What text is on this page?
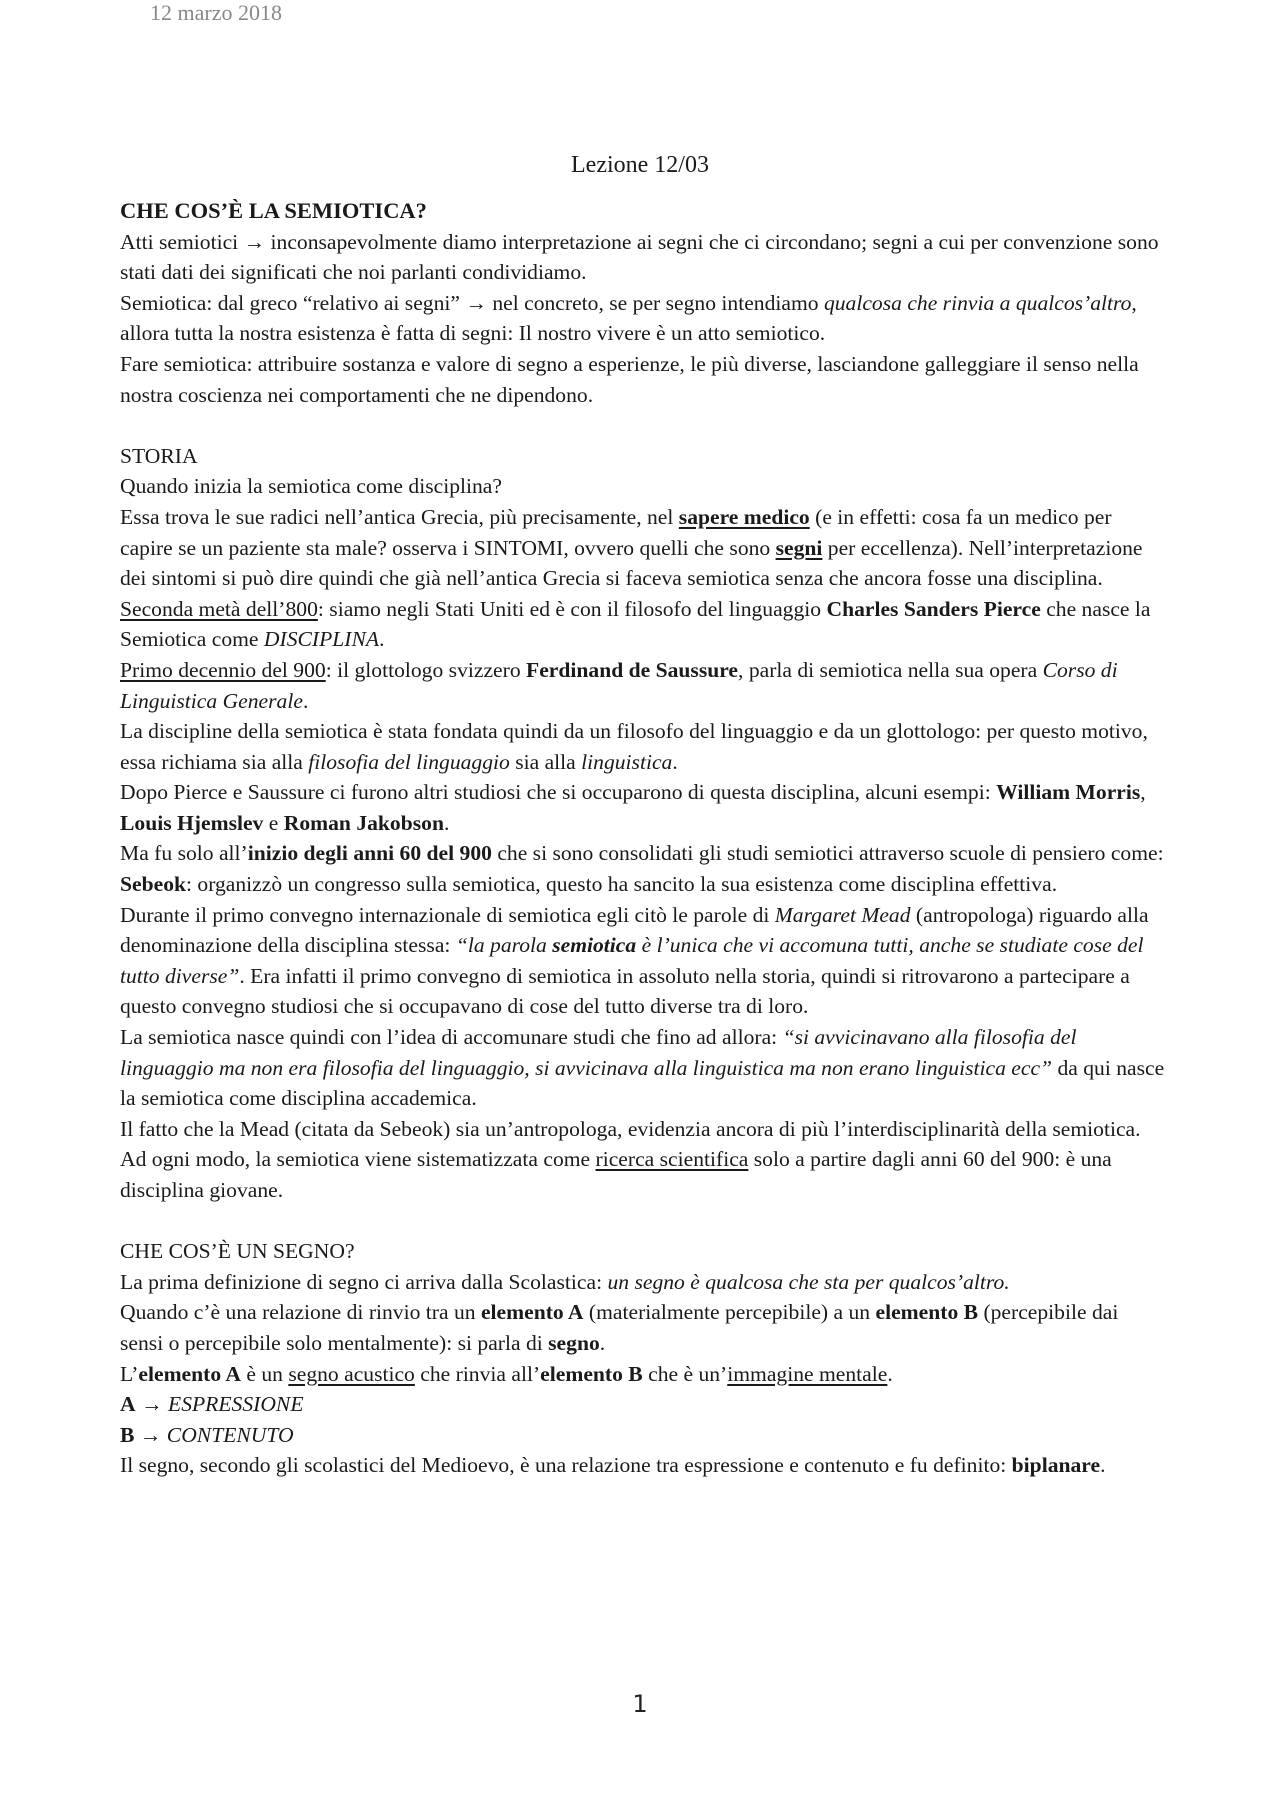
12 marzo 2018
Lezione 12/03

CHE COS’È LA SEMIOTICA?

Atti semiotici → inconsapevolmente diamo interpretazione ai segni che ci circondano; segni a cui per convenzione sono stati dati dei significati che noi parlanti condividiamo.

Semiotica: dal greco “relativo ai segni” → nel concreto, se per segno intendiamo qualcosa che rinvia a qualcos’altro, allora tutta la nostra esistenza è fatta di segni: Il nostro vivere è un atto semiotico.

Fare semiotica: attribuire sostanza e valore di segno a esperienze, le più diverse, lasciandone galleggiare il senso nella nostra coscienza nei comportamenti che ne dipendono.

STORIA

Quando inizia la semiotica come disciplina?

Essa trova le sue radici nell’antica Grecia, più precisamente, nel sapere medico (e in effetti: cosa fa un medico per capire se un paziente sta male? osserva i SINTOMI, ovvero quelli che sono segni per eccellenza). Nell’interpretazione dei sintomi si può dire quindi che già nell’antica Grecia si faceva semiotica senza che ancora fosse una disciplina.

Seconda metà dell’800: siamo negli Stati Uniti ed è con il filosofo del linguaggio Charles Sanders Pierce che nasce la Semiotica come DISCIPLINA.

Primo decennio del 900: il glottologo svizzero Ferdinand de Saussure, parla di semiotica nella sua opera Corso di Linguistica Generale.

La discipline della semiotica è stata fondata quindi da un filosofo del linguaggio e da un glottologo: per questo motivo, essa richiama sia alla filosofia del linguaggio sia alla linguistica.

Dopo Pierce e Saussure ci furono altri studiosi che si occuparono di questa disciplina, alcuni esempi: William Morris, Louis Hjemslev e Roman Jakobson.

Ma fu solo all’inizio degli anni 60 del 900 che si sono consolidati gli studi semiotici attraverso scuole di pensiero come:

Sebeok: organizzò un congresso sulla semiotica, questo ha sancito la sua esistenza come disciplina effettiva.

Durante il primo convegno internazionale di semiotica egli citò le parole di Margaret Mead (antropologa) riguardo alla denominazione della disciplina stessa: “la parola semiotica è l’unica che vi accomuna tutti, anche se studiate cose del tutto diverse”. Era infatti il primo convegno di semiotica in assoluto nella storia, quindi si ritrovarono a partecipare a questo convegno studiosi che si occupavano di cose del tutto diverse tra di loro.

La semiotica nasce quindi con l’idea di accomunare studi che fino ad allora: “si avvicinavano alla filosofia del linguaggio ma non era filosofia del linguaggio, si avvicinava alla linguistica ma non erano linguistica ecc” da qui nasce la semiotica come disciplina accademica.

Il fatto che la Mead (citata da Sebeok) sia un’antropologa, evidenzia ancora di più l’interdisciplinarità della semiotica.

Ad ogni modo, la semiotica viene sistematizzata come ricerca scientifica solo a partire dagli anni 60 del 900: è una disciplina giovane.

CHE COS’È UN SEGNO?

La prima definizione di segno ci arriva dalla Scolastica: un segno è qualcosa che sta per qualcos’altro.

Quando c’è una relazione di rinvio tra un elemento A (materialmente percepibile) a un elemento B (percepibile dai sensi o percepibile solo mentalmente): si parla di segno.

L’elemento A è un segno acustico che rinvia all’elemento B che è un’immagine mentale.

A → ESPRESSIONE

B → CONTENUTO

Il segno, secondo gli scolastici del Medioevo, è una relazione tra espressione e contenuto e fu definito: biplanare.

1
